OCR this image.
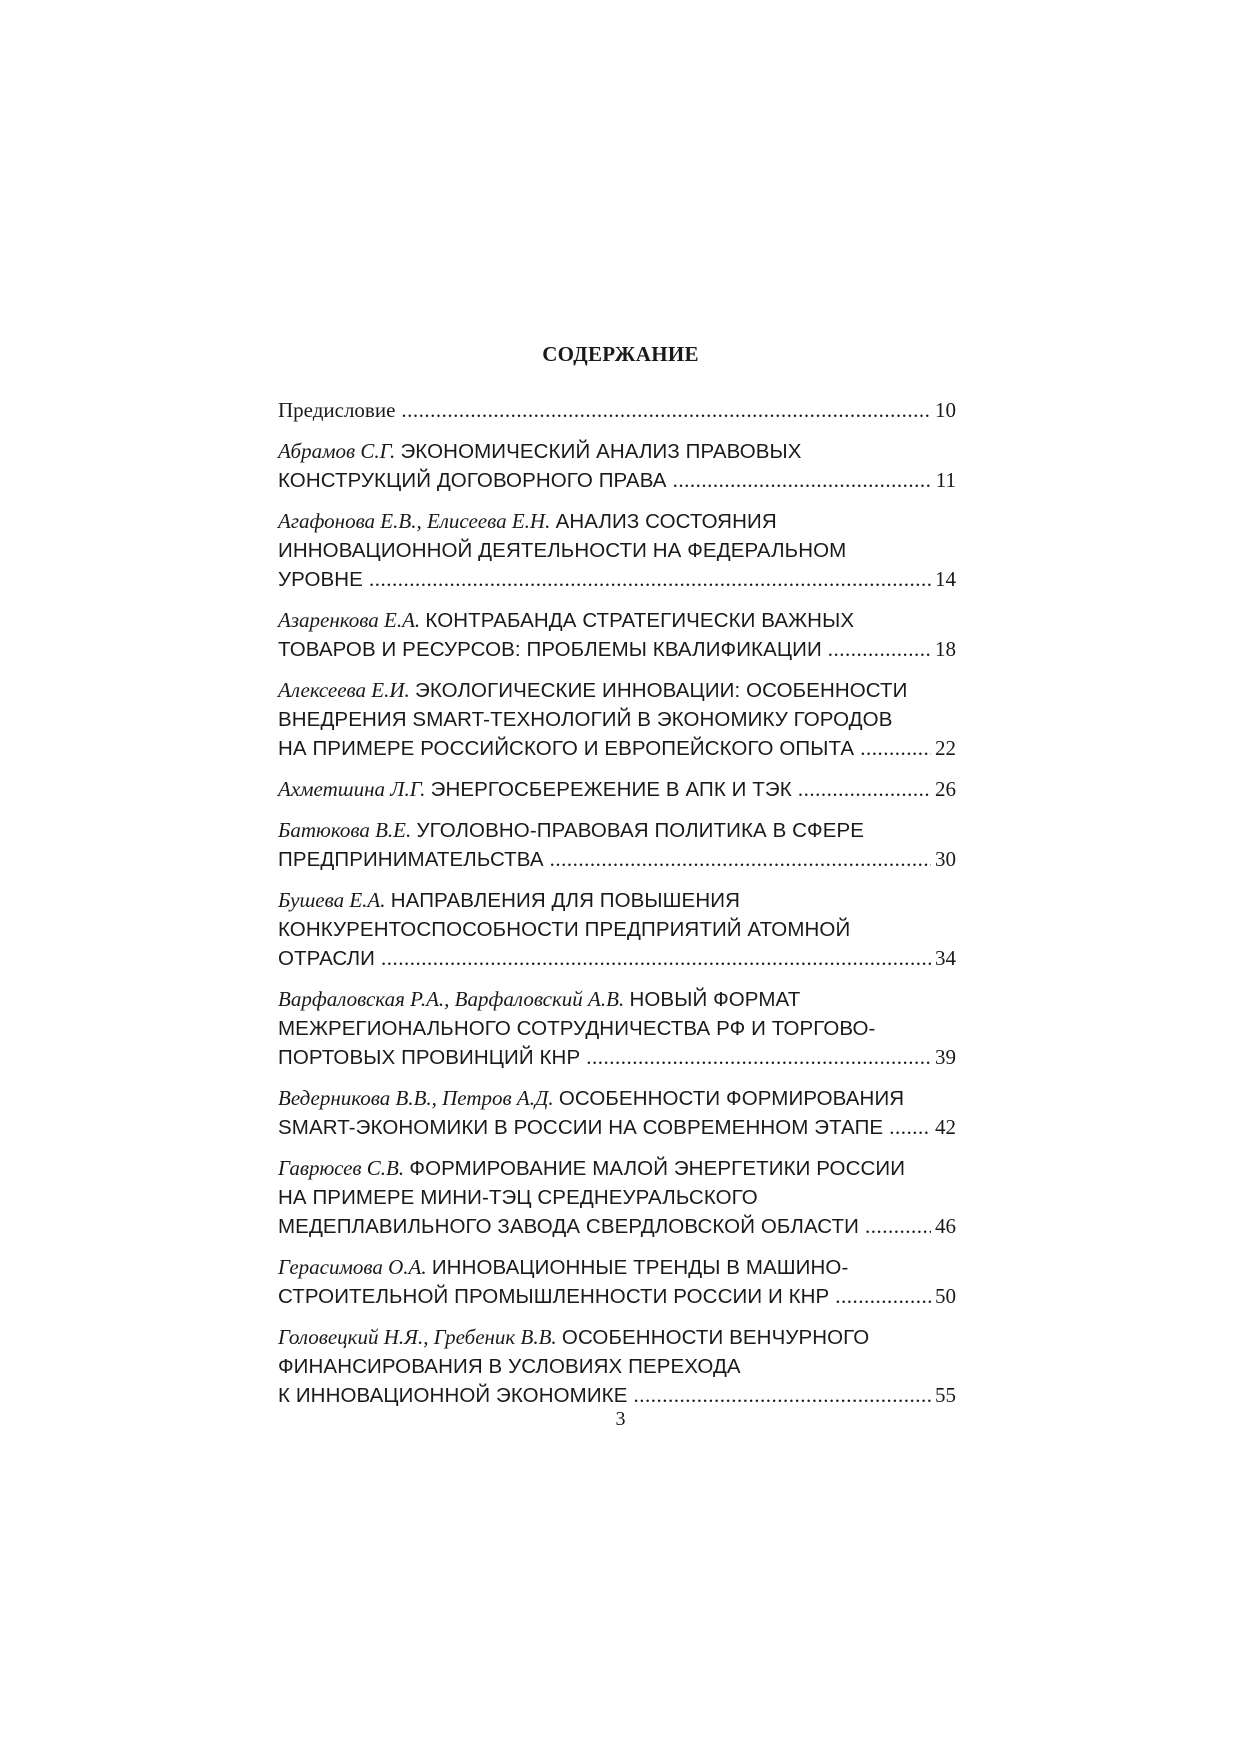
СОДЕРЖАНИЕ
Предисловие .....	10
Абрамов С.Г. ЭКОНОМИЧЕСКИЙ АНАЛИЗ ПРАВОВЫХ
КОНСТРУКЦИЙ ДОГОВОРНОГО ПРАВА .....	11
Агафонова Е.В., Елисеева Е.Н. АНАЛИЗ СОСТОЯНИЯ
ИННОВАЦИОННОЙ ДЕЯТЕЛЬНОСТИ НА ФЕДЕРАЛЬНОМ
УРОВНЕ .....	14
Азаренкова Е.А. КОНТРАБАНДА СТРАТЕГИЧЕСКИ ВАЖНЫХ
ТОВАРОВ И РЕСУРСОВ: ПРОБЛЕМЫ КВАЛИФИКАЦИИ .....	18
Алексеева Е.И. ЭКОЛОГИЧЕСКИЕ ИННОВАЦИИ: ОСОБЕННОСТИ
ВНЕДРЕНИЯ SMART-ТЕХНОЛОГИЙ В ЭКОНОМИКУ ГОРОДОВ
НА ПРИМЕРЕ РОССИЙСКОГО И ЕВРОПЕЙСКОГО ОПЫТА .....	22
Ахметшина Л.Г. ЭНЕРГОСБЕРЕЖЕНИЕ В АПК И ТЭК .....	26
Батюкова В.Е. УГОЛОВНО-ПРАВОВАЯ ПОЛИТИКА В СФЕРЕ
ПРЕДПРИНИМАТЕЛЬСТВА .....	30
Бушева Е.А. НАПРАВЛЕНИЯ ДЛЯ ПОВЫШЕНИЯ
КОНКУРЕНТОСПОСОБНОСТИ ПРЕДПРИЯТИЙ АТОМНОЙ
ОТРАСЛИ .....	34
Варфаловская Р.А., Варфаловский А.В. НОВЫЙ ФОРМАТ
МЕЖРЕГИОНАЛЬНОГО СОТРУДНИЧЕСТВА РФ И ТОРГОВО-
ПОРТОВЫХ ПРОВИНЦИЙ КНР .....	39
Ведерникова В.В., Петров А.Д. ОСОБЕННОСТИ ФОРМИРОВАНИЯ
SMART-ЭКОНОМИКИ В РОССИИ НА СОВРЕМЕННОМ ЭТАПЕ ..... 42
Гаврюсев С.В. ФОРМИРОВАНИЕ МАЛОЙ ЭНЕРГЕТИКИ РОССИИ
НА ПРИМЕРЕ МИНИ-ТЭЦ СРЕДНЕУРАЛЬСКОГО
МЕДЕПЛАВИЛЬНОГО ЗАВОДА СВЕРДЛОВСКОЙ ОБЛАСТИ .....	46
Герасимова О.А. ИННОВАЦИОННЫЕ ТРЕНДЫ В МАШИНО-
СТРОИТЕЛЬНОЙ ПРОМЫШЛЕННОСТИ РОССИИ И КНР .....	50
Головецкий Н.Я., Гребеник В.В. ОСОБЕННОСТИ ВЕНЧУРНОГО
ФИНАНСИРОВАНИЯ В УСЛОВИЯХ ПЕРЕХОДА
К ИННОВАЦИОННОЙ ЭКОНОМИКЕ .....	55
3
